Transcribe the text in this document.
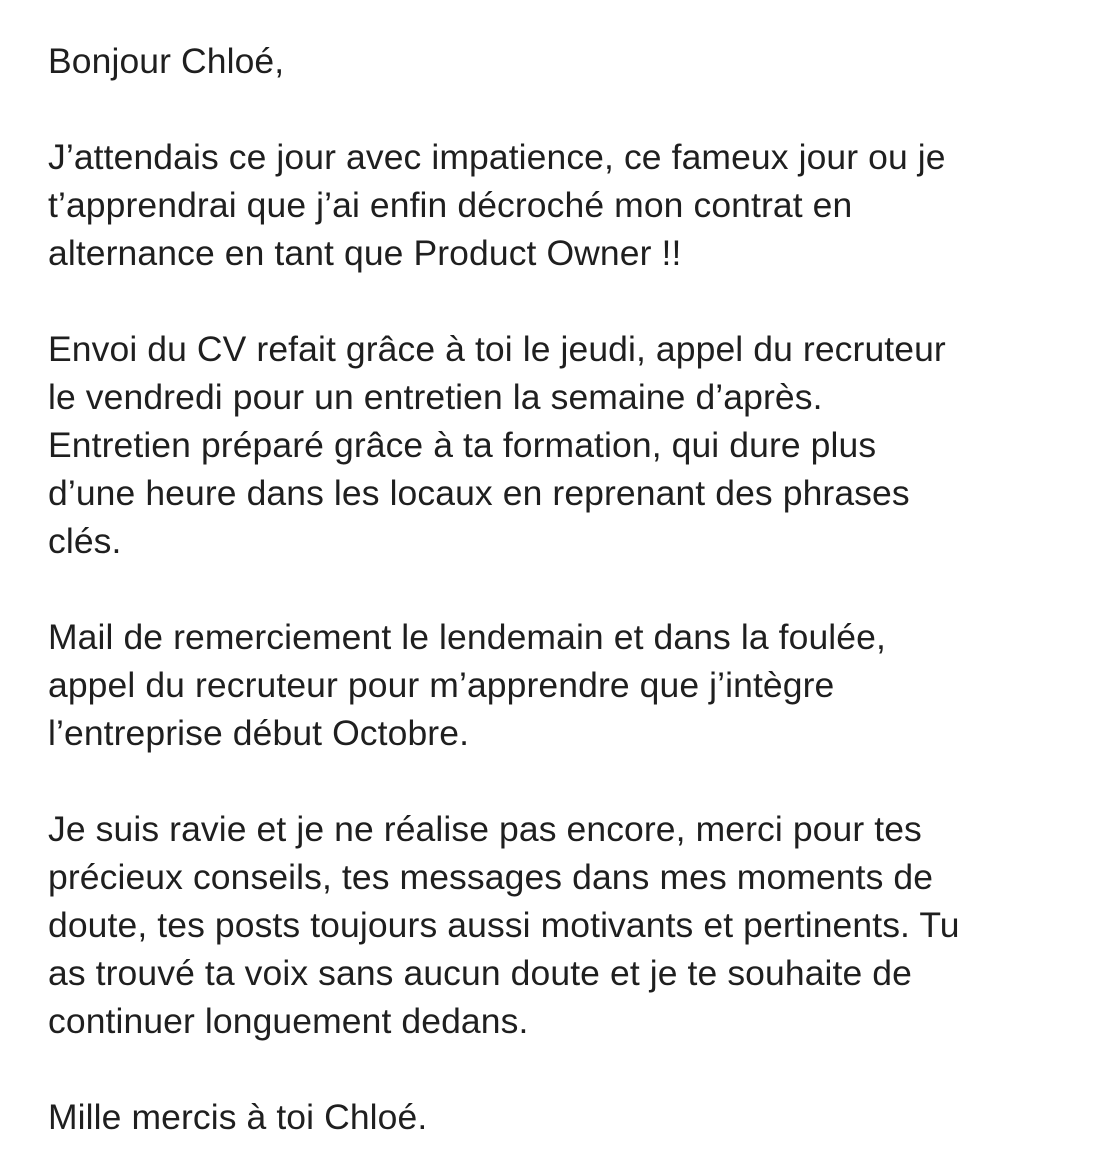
Bonjour Chloé,

J’attendais ce jour avec impatience, ce fameux jour ou je
t’apprendrai que j’ai enfin décroché mon contrat en
alternance en tant que Product Owner !!

Envoi du CV refait grâce à toi le jeudi, appel du recruteur
le vendredi pour un entretien la semaine d’après.
Entretien préparé grâce à ta formation, qui dure plus
d’une heure dans les locaux en reprenant des phrases
clés.

Mail de remerciement le lendemain et dans la foulée,
appel du recruteur pour m’apprendre que j’intègre
l’entreprise début Octobre.

Je suis ravie et je ne réalise pas encore, merci pour tes
précieux conseils, tes messages dans mes moments de
doute, tes posts toujours aussi motivants et pertinents. Tu
as trouvé ta voix sans aucun doute et je te souhaite de
continuer longuement dedans.

Mille mercis à toi Chloé.
